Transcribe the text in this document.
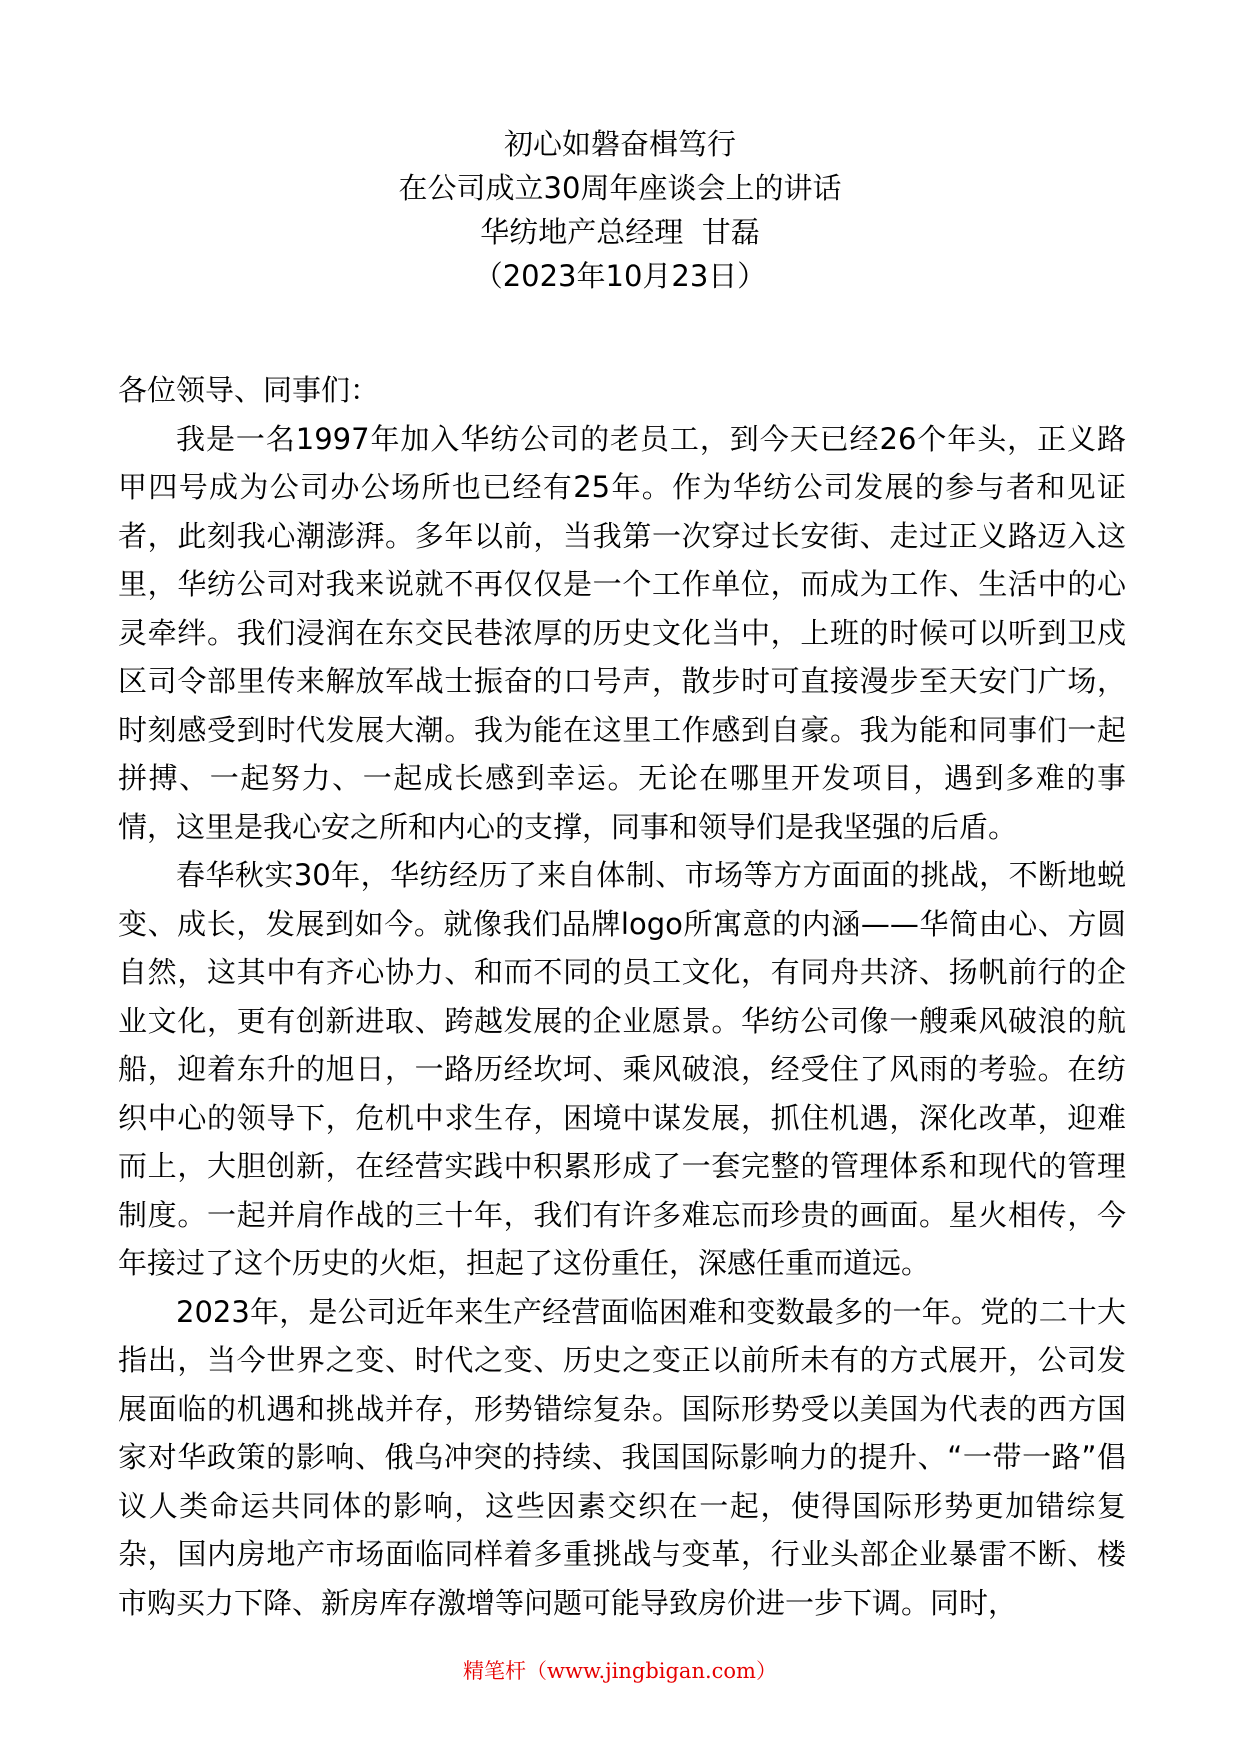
初心如磐奋楫笃行
在公司成立30周年座谈会上的讲话
华纺地产总经理  甘磊
（2023年10月23日）

各位领导、同事们：

我是一名1997年加入华纺公司的老员工，到今天已经26个年头，正义路甲四号成为公司办公场所也已经有25年。作为华纺公司发展的参与者和见证者，此刻我心潮澎湃。多年以前，当我第一次穿过长安街、走过正义路迈入这里，华纺公司对我来说就不再仅仅是一个工作单位，而成为工作、生活中的心灵牵绊。我们浸润在东交民巷浓厚的历史文化当中，上班的时候可以听到卫戍区司令部里传来解放军战士振奋的口号声，散步时可直接漫步至天安门广场，时刻感受到时代发展大潮。我为能在这里工作感到自豪。我为能和同事们一起拼搏、一起努力、一起成长感到幸运。无论在哪里开发项目，遇到多难的事情，这里是我心安之所和内心的支撑，同事和领导们是我坚强的后盾。

春华秋实30年，华纺经历了来自体制、市场等方方面面的挑战，不断地蜕变、成长，发展到如今。就像我们品牌logo所寓意的内涵——华简由心、方圆自然，这其中有齐心协力、和而不同的员工文化，有同舟共济、扬帆前行的企业文化，更有创新进取、跨越发展的企业愿景。华纺公司像一艘乘风破浪的航船，迎着东升的旭日，一路历经坎坷、乘风破浪，经受住了风雨的考验。在纺织中心的领导下，危机中求生存，困境中谋发展，抓住机遇，深化改革，迎难而上，大胆创新，在经营实践中积累形成了一套完整的管理体系和现代的管理制度。一起并肩作战的三十年，我们有许多难忘而珍贵的画面。星火相传，今年接过了这个历史的火炬，担起了这份重任，深感任重而道远。

2023年，是公司近年来生产经营面临困难和变数最多的一年。党的二十大指出，当今世界之变、时代之变、历史之变正以前所未有的方式展开，公司发展面临的机遇和挑战并存，形势错综复杂。国际形势受以美国为代表的西方国家对华政策的影响、俄乌冲突的持续、我国国际影响力的提升、“一带一路”倡议人类命运共同体的影响，这些因素交织在一起，使得国际形势更加错综复杂，国内房地产市场面临同样着多重挑战与变革，行业头部企业暴雷不断、楼市购买力下降、新房库存激增等问题可能导致房价进一步下调。同时，

精笔杆（www.jingbigan.com）
